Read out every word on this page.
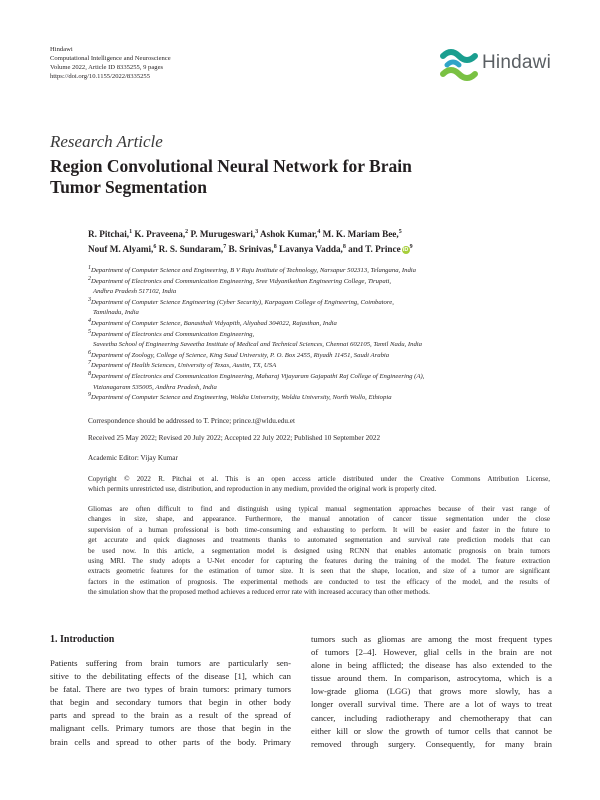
Hindawi
Computational Intelligence and Neuroscience
Volume 2022, Article ID 8335255, 9 pages
https://doi.org/10.1155/2022/8335255
Hindawi
Research Article
Region Convolutional Neural Network for Brain
Tumor Segmentation
R. Pitchai,$^1$ K. Praveena,$^2$ P. Murugeswari,$^3$ Ashok Kumar,$^4$ M. K. Mariam Bee,$^5$
Nouf M. Alyami,$^6$ R. S. Sundaram,$^7$ B. Srinivas,$^8$ Lavanya Vadda,$^8$ and T. Prince $iD^9$
$^1$Department of Computer Science and Engineering, B V Raju Institute of Technology, Narsapur 502313, Telangana, India
$^2$Department of Electronics and Communication Engineering, Sree Vidyanikethan Engineering College, Tirupati,
Andhra Pradesh 517102, India
$^3$Department of Computer Science Engineering (Cyber Security), Karpagam College of Engineering, Coimbatore,
Tamilnadu, India
$^4$Department of Computer Science, Banasthali Vidyapith, Aliyabad 304022, Rajasthan, India
$^5$Department of Electronics and Communication Engineering,
Saveetha School of Engineering Saveetha Institute of Medical and Technical Sciences, Chennai 602105, Tamil Nadu, India
$^6$Department of Zoology, College of Science, King Saud University, P. O. Box 2455, Riyadh 11451, Saudi Arabia
$^7$Department of Health Sciences, University of Texas, Austin, TX, USA
$^8$Department of Electronics and Communication Engineering, Maharaj Vijayaram Gajapathi Raj College of Engineering (A),
Vizianagaram 535005, Andhra Pradesh, India
$^9$Department of Computer Science and Engineering, Woldia University, Woldia University, North Wollo, Ethiopia
Correspondence should be addressed to T. Prince; prince.t@wldu.edu.et
Received 25 May 2022; Revised 20 July 2022; Accepted 22 July 2022; Published 10 September 2022
Academic Editor: Vijay Kumar
Copyright © 2022 R. Pitchai et al. This is an open access article distributed under the Creative Commons Attribution License,
which permits unrestricted use, distribution, and reproduction in any medium, provided the original work is properly cited.
Gliomas are often difficult to find and distinguish using typical manual segmentation approaches because of their vast range of
changes in size, shape, and appearance. Furthermore, the manual annotation of cancer tissue segmentation under the close
supervision of a human professional is both time-consuming and exhausting to perform. It will be easier and faster in the future to
get accurate and quick diagnoses and treatments thanks to automated segmentation and survival rate prediction models that can
be used now. In this article, a segmentation model is designed using RCNN that enables automatic prognosis on brain tumors
using MRI. The study adopts a U-Net encoder for capturing the features during the training of the model. The feature extraction
extracts geometric features for the estimation of tumor size. It is seen that the shape, location, and size of a tumor are significant
factors in the estimation of prognosis. The experimental methods are conducted to test the efficacy of the model, and the results of
the simulation show that the proposed method achieves a reduced error rate with increased accuracy than other methods.
1. Introduction
Patients suffering from brain tumors are particularly sen-
sitive to the debilitating effects of the disease [1], which can
be fatal. There are two types of brain tumors: primary tumors
that begin and secondary tumors that begin in other body
parts and spread to the brain as a result of the spread of
malignant cells. Primary tumors are those that begin in the
brain cells and spread to other parts of the body. Primary
tumors such as gliomas are among the most frequent types
of tumors [2–4]. However, glial cells in the brain are not
alone in being afflicted; the disease has also extended to the
tissue around them. In comparison, astrocytoma, which is a
low-grade glioma (LGG) that grows more slowly, has a
longer overall survival time. There are a lot of ways to treat
cancer, including radiotherapy and chemotherapy that can
either kill or slow the growth of tumor cells that cannot be
removed through surgery. Consequently, for many brain
